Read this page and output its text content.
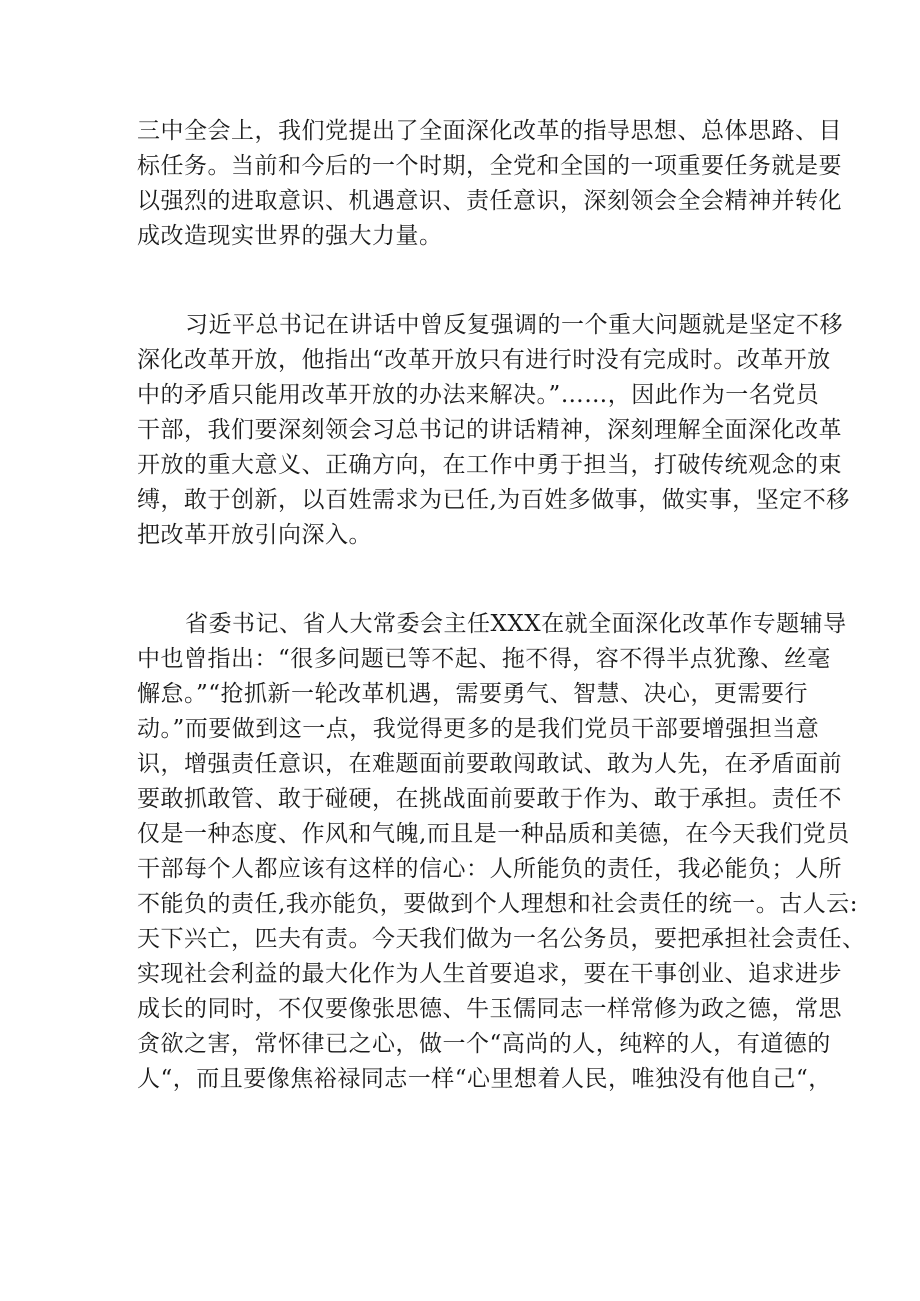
三中全会上，我们党提出了全面深化改革的指导思想、总体思路、目
标任务。当前和今后的一个时期，全党和全国的一项重要任务就是要
以强烈的进取意识、机遇意识、责任意识，深刻领会全会精神并转化
成改造现实世界的强大力量。
习近平总书记在讲话中曾反复强调的一个重大问题就是坚定不移
深化改革开放，他指出“改革开放只有进行时没有完成时。改革开放
中的矛盾只能用改革开放的办法来解决。”……，因此作为一名党员
干部，我们要深刻领会习总书记的讲话精神，深刻理解全面深化改革
开放的重大意义、正确方向，在工作中勇于担当，打破传统观念的束
缚，敢于创新，以百姓需求为已任,为百姓多做事，做实事，坚定不移
把改革开放引向深入。
省委书记、省人大常委会主任XXX在就全面深化改革作专题辅导
中也曾指出：“很多问题已等不起、拖不得，容不得半点犹豫、丝毫
懈怠。”“抢抓新一轮改革机遇，需要勇气、智慧、决心，更需要行
动。”而要做到这一点，我觉得更多的是我们党员干部要增强担当意
识，增强责任意识，在难题面前要敢闯敢试、敢为人先，在矛盾面前
要敢抓敢管、敢于碰硬，在挑战面前要敢于作为、敢于承担。责任不
仅是一种态度、作风和气魄,而且是一种品质和美德，在今天我们党员
干部每个人都应该有这样的信心：人所能负的责任，我必能负；人所
不能负的责任,我亦能负，要做到个人理想和社会责任的统一。古人云:
天下兴亡，匹夫有责。今天我们做为一名公务员，要把承担社会责任、
实现社会利益的最大化作为人生首要追求，要在干事创业、追求进步
成长的同时，不仅要像张思德、牛玉儒同志一样常修为政之德，常思
贪欲之害，常怀律已之心，做一个“高尚的人，纯粹的人，有道德的
人“，而且要像焦裕禄同志一样“心里想着人民，唯独没有他自己“，
